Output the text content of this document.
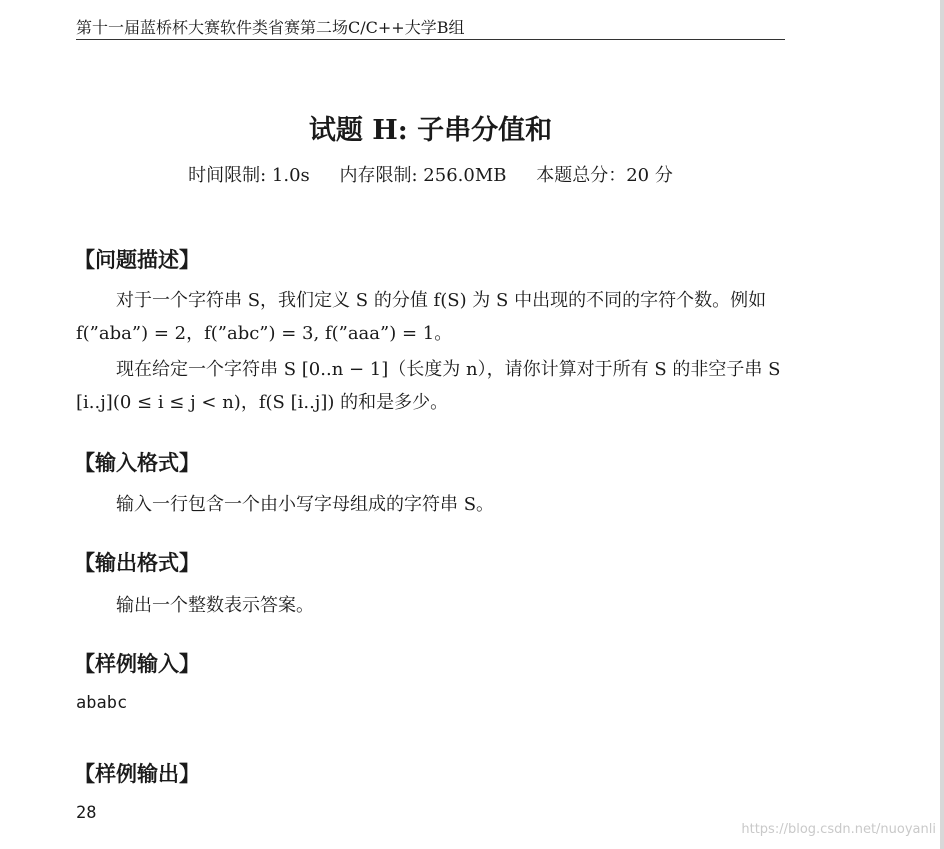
第十一届蓝桥杯大赛软件类省赛第二场C/C++大学B组
试题 H: 子串分值和
时间限制: 1.0s 内存限制: 256.0MB 本题总分：20 分
【问题描述】
对于一个字符串 S，我们定义 S 的分值 f(S) 为 S 中出现的不同的字符个数。例如 f(”aba”) = 2，f(”abc”) = 3, f(”aaa”) = 1。
现在给定一个字符串 S [0..n − 1]（长度为 n），请你计算对于所有 S 的非空子串 S [i..j](0 ≤ i ≤ j < n)，f(S [i..j]) 的和是多少。
【输入格式】
输入一行包含一个由小写字母组成的字符串 S。
【输出格式】
输出一个整数表示答案。
【样例输入】
ababc
【样例输出】
28
https://blog.csdn.net/nuoyanli
